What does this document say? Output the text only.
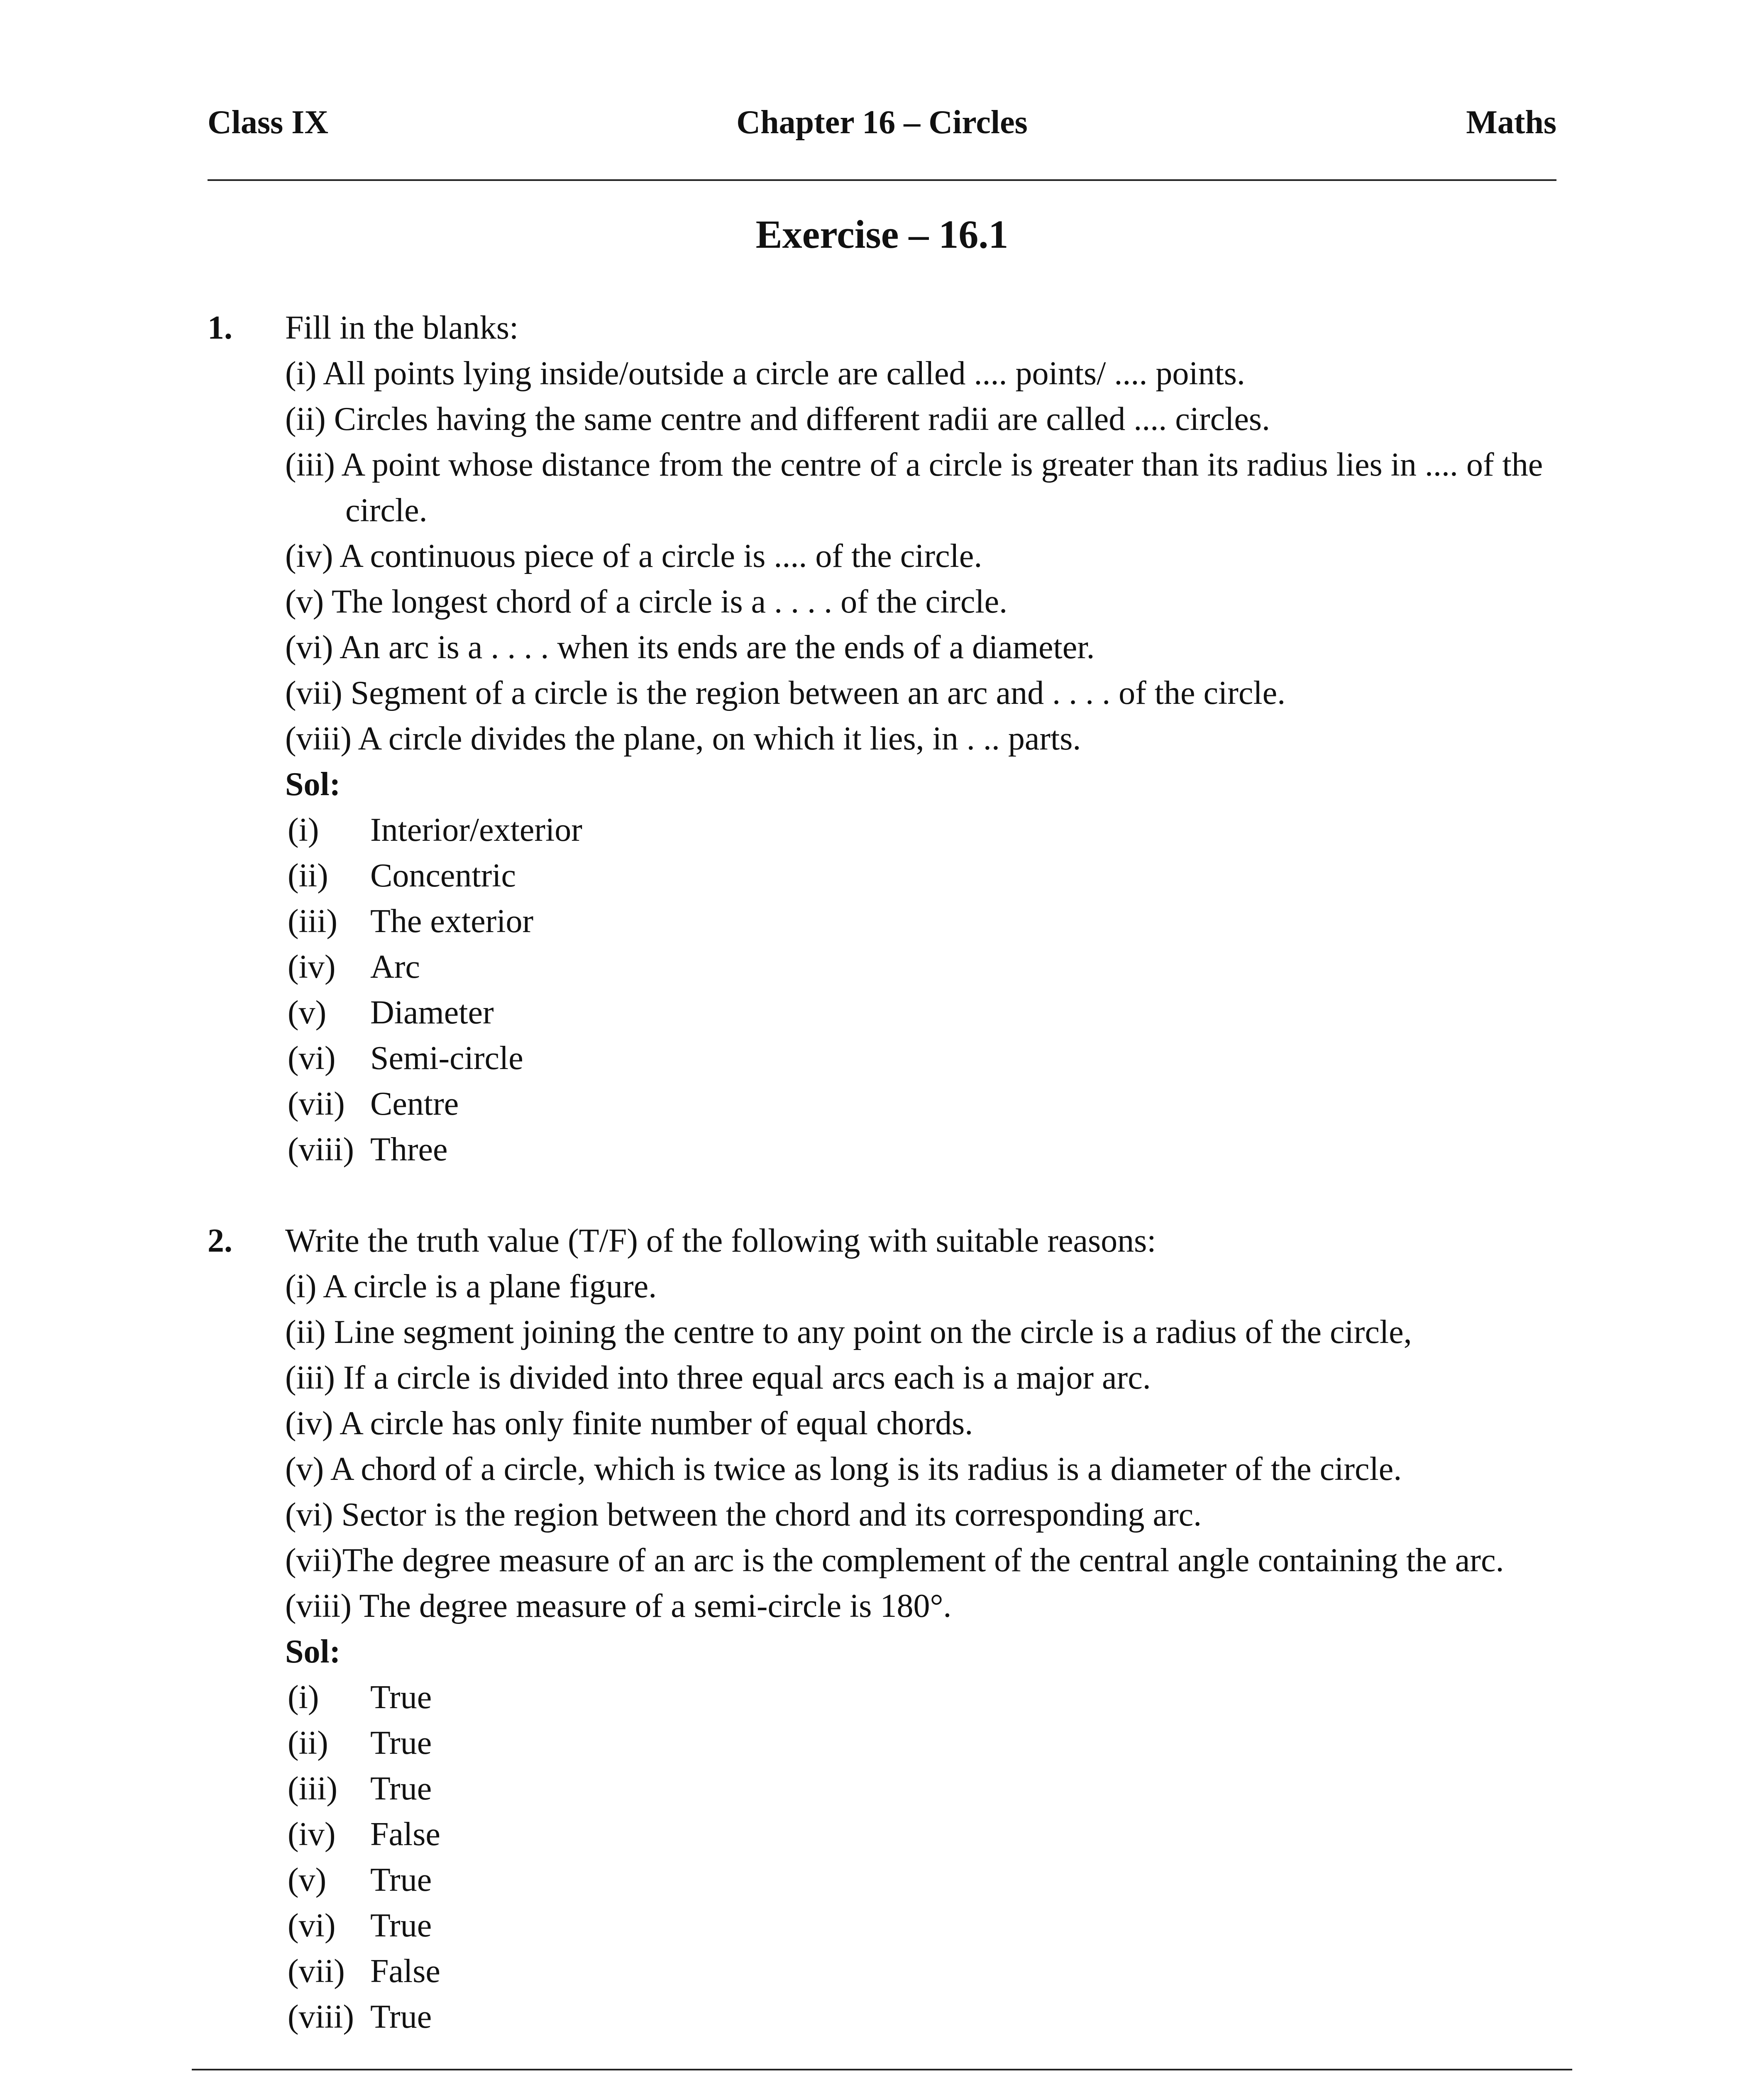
Class IX	Chapter 16 – Circles	Maths
Exercise – 16.1
1. Fill in the blanks:
(i) All points lying inside/outside a circle are called .... points/ .... points.
(ii) Circles having the same centre and different radii are called .... circles.
(iii) A point whose distance from the centre of a circle is greater than its radius lies in .... of the circle.
(iv) A continuous piece of a circle is .... of the circle.
(v) The longest chord of a circle is a . . . . of the circle.
(vi) An arc is a . . . . when its ends are the ends of a diameter.
(vii) Segment of a circle is the region between an arc and . . . . of the circle.
(viii) A circle divides the plane, on which it lies, in . .. parts.
Sol:
(i) Interior/exterior
(ii) Concentric
(iii) The exterior
(iv) Arc
(v) Diameter
(vi) Semi-circle
(vii) Centre
(viii) Three
2. Write the truth value (T/F) of the following with suitable reasons:
(i) A circle is a plane figure.
(ii) Line segment joining the centre to any point on the circle is a radius of the circle,
(iii) If a circle is divided into three equal arcs each is a major arc.
(iv) A circle has only finite number of equal chords.
(v) A chord of a circle, which is twice as long is its radius is a diameter of the circle.
(vi) Sector is the region between the chord and its corresponding arc.
(vii)The degree measure of an arc is the complement of the central angle containing the arc.
(viii) The degree measure of a semi-circle is 180°.
Sol:
(i) True
(ii) True
(iii) True
(iv) False
(v) True
(vi) True
(vii) False
(viii) True
